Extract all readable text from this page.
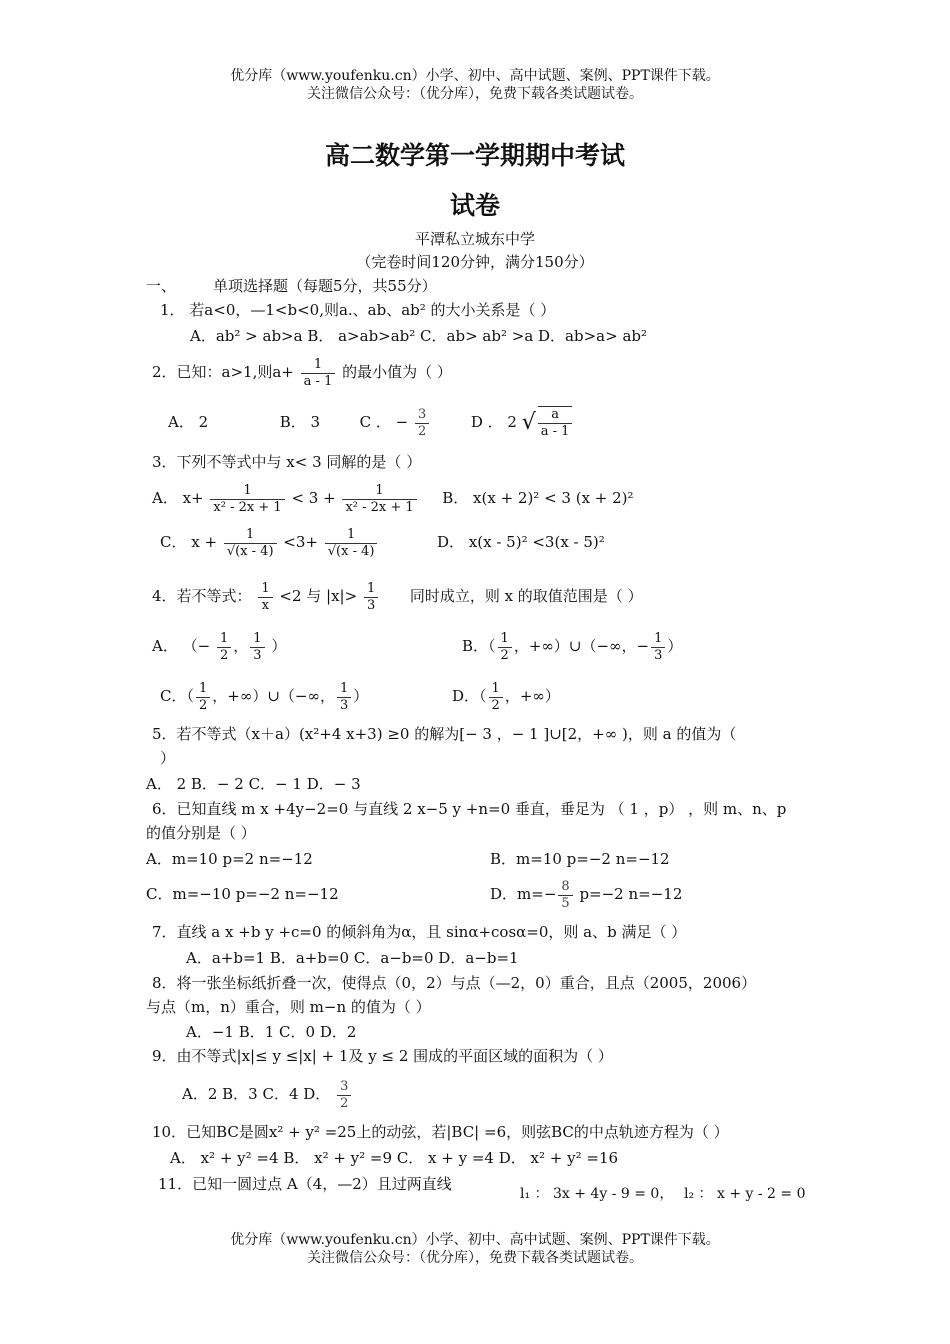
优分库（www.youfenku.cn）小学、初中、高中试题、案例、PPT课件下载。
关注微信公众号：（优分库），免费下载各类试题试卷。
高二数学第一学期期中考试
试卷
平潭私立城东中学
（完卷时间120分钟，满分150分）
一、 单项选择题（每题5分，共55分）
1． 若a<0，—1<b<0,则a.、ab、ab² 的大小关系是（ ）
A．ab² > ab>a B． a>ab>ab² C．ab> ab² >a D．ab>a> ab²
2．已知：a>1,则$a+ \frac{1}{a - 1}$ 的最小值为（ ）
A． 2	B． 3	C ． − $\frac{3}{2}$	D ． 2 √ $\frac{a}{a - 1}$
3．下列不等式中与 x< 3 同解的是（ ）
A． $x+ \frac{1}{\text{x² - 2x + 1}} < 3 + \frac{1}{\text{x² - 2x + 1}}$ B． x(x + 2)² < 3 (x + 2)²
C． $x + \frac{1}{√(x - 4)} <3+ \frac{1}{√(x - 4)}$	D． x(x - 5)² <3(x - 5)²
4．若不等式： $\frac{1}{x} <2$ 与 $|x|> \frac{1}{3}$ 同时成立，则 x 的取值范围是（ ）
A． （− $\frac{1}{2}$ ， $\frac{1}{3}$ ）	B．（ $\frac{1}{2}$ ，+∞）∪（−∞，− $\frac{1}{3}$ ）
C．（ $\frac{1}{2}$ ，+∞）∪（−∞， $\frac{1}{3}$ ）	D．（ $\frac{1}{2}$ ，+∞）
5．若不等式（x＋a）(x²+4 x+3) ≥0 的解为[− 3 ，− 1 ]∪[2，+∞ )，则 a 的值为（
）
A． 2 B．− 2 C．− 1 D．− 3
6．已知直线 m x +4y−2=0 与直线 2 x−5 y +n=0 垂直，垂足为 （ 1 ，p） ，则 m、n、p
的值分别是（ ）
A．m=10 p=2 n=−12	B．m=10 p=−2 n=−12
C．m=−10 p=−2 n=−12	D．$m=- \frac{8}{5} p=-2$ n=−12
7．直线 a x +b y +c=0 的倾斜角为α，且 sinα+cosα=0，则 a、b 满足（ ）
A．a+b=1 B．a+b=0 C．a−b=0 D．a−b=1
8．将一张坐标纸折叠一次，使得点（0，2）与点（—2，0）重合，且点（2005，2006）
与点（m，n）重合，则 m−n 的值为（ ）
A．−1 B．1 C．0 D．2
9．由不等式|x|≤ y ≤|x| + 1及 y ≤ 2 围成的平面区域的面积为（ ）
A．2 B．3 C．4 D． $\frac{3}{2}$
10．已知BC是圆x² + y² =25上的动弦，若|BC| =6，则弦BC的中点轨迹方程为（ ）
A． x² + y² =4 B． x² + y² =9 C． x + y =4 D． x² + y² =16
11．已知一圆过点 A（4，—2）且过两直线
l₁ ： 3x + 4y - 9 = 0， l₂ ： x + y - 2 = 0
优分库（www.youfenku.cn）小学、初中、高中试题、案例、PPT课件下载。
关注微信公众号：（优分库），免费下载各类试题试卷。
